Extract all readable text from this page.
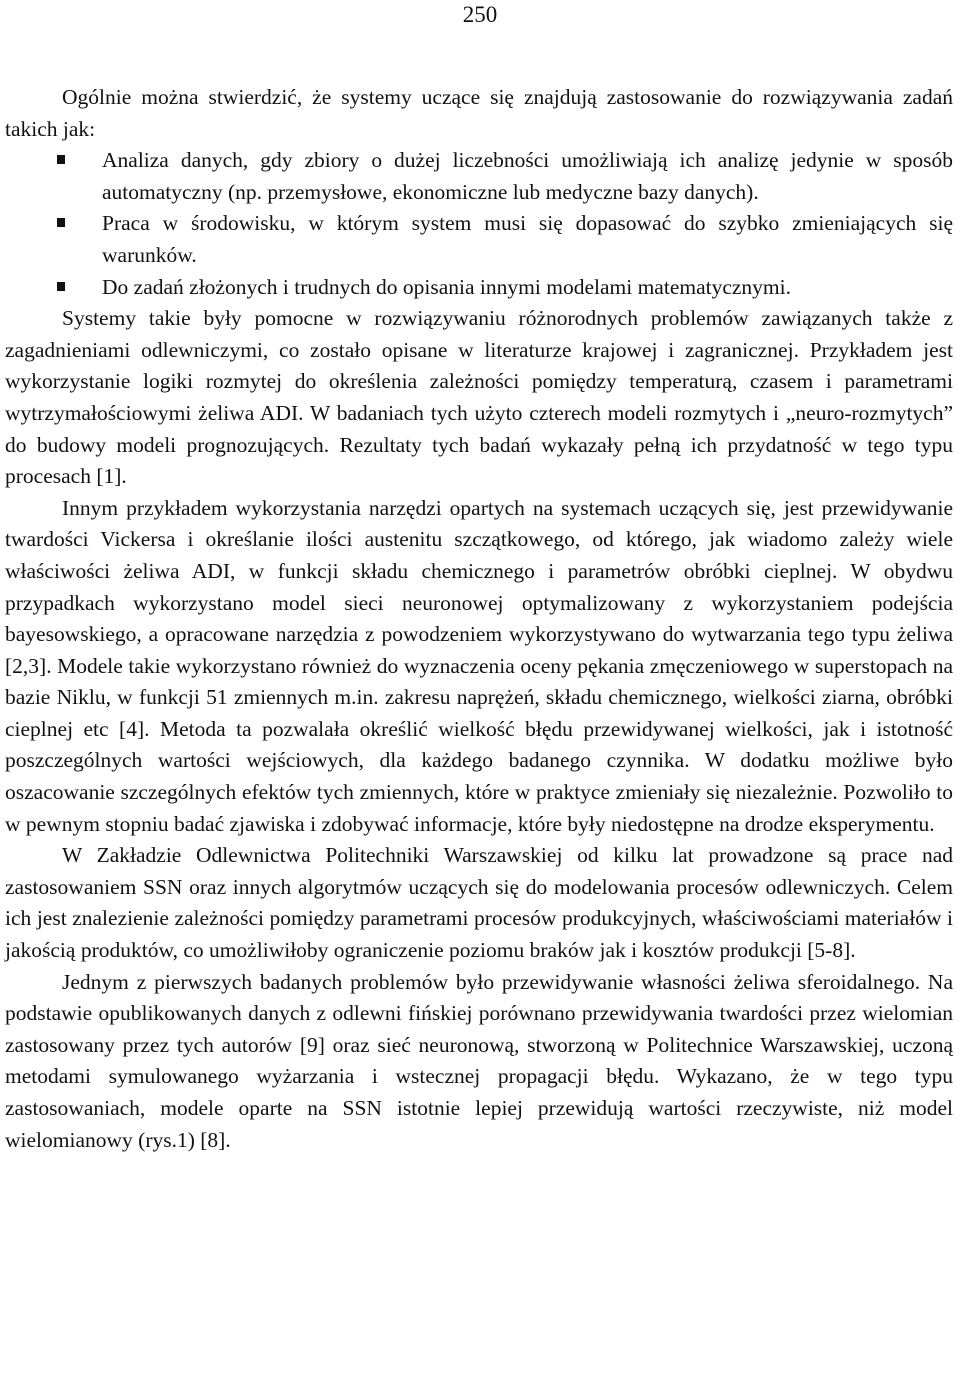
250

Ogólnie można stwierdzić, że systemy uczące się znajdują zastosowanie do rozwiązywania zadań takich jak:

Analiza danych, gdy zbiory o dużej liczebności umożliwiają ich analizę jedynie w sposób automatyczny (np. przemysłowe, ekonomiczne lub medyczne bazy danych).
Praca w środowisku, w którym system musi się dopasować do szybko zmieniających się warunków.
Do zadań złożonych i trudnych do opisania innymi modelami matematycznymi.

Systemy takie były pomocne w rozwiązywaniu różnorodnych problemów zawiązanych także z zagadnieniami odlewniczymi, co zostało opisane w literaturze krajowej i zagranicznej. Przykładem jest wykorzystanie logiki rozmytej do określenia zależności pomiędzy temperaturą, czasem i parametrami wytrzymałościowymi żeliwa ADI. W badaniach tych użyto czterech modeli rozmytych i „neuro-rozmytych” do budowy modeli prognozujących. Rezultaty tych badań wykazały pełną ich przydatność w tego typu procesach [1].

Innym przykładem wykorzystania narzędzi opartych na systemach uczących się, jest przewidywanie twardości Vickersa i określanie ilości austenitu szczątkowego, od którego, jak wiadomo zależy wiele właściwości żeliwa ADI, w funkcji składu chemicznego i parametrów obróbki cieplnej. W obydwu przypadkach wykorzystano model sieci neuronowej optymalizowany z wykorzystaniem podejścia bayesowskiego, a opracowane narzędzia z powodzeniem wykorzystywano do wytwarzania tego typu żeliwa [2,3]. Modele takie wykorzystano również do wyznaczenia oceny pękania zmęczeniowego w superstopach na bazie Niklu, w funkcji 51 zmiennych m.in. zakresu naprężeń, składu chemicznego, wielkości ziarna, obróbki cieplnej etc [4]. Metoda ta pozwalała określić wielkość błędu przewidywanej wielkości, jak i istotność poszczególnych wartości wejściowych, dla każdego badanego czynnika. W dodatku możliwe było oszacowanie szczególnych efektów tych zmiennych, które w praktyce zmieniały się niezależnie. Pozwoliło to w pewnym stopniu badać zjawiska i zdobywać informacje, które były niedostępne na drodze eksperymentu.

W Zakładzie Odlewnictwa Politechniki Warszawskiej od kilku lat prowadzone są prace nad zastosowaniem SSN oraz innych algorytmów uczących się do modelowania procesów odlewniczych. Celem ich jest znalezienie zależności pomiędzy parametrami procesów produkcyjnych, właściwościami materiałów i jakością produktów, co umożliwiłoby ograniczenie poziomu braków jak i kosztów produkcji [5-8].

Jednym z pierwszych badanych problemów było przewidywanie własności żeliwa sferoidalnego. Na podstawie opublikowanych danych z odlewni fińskiej porównano przewidywania twardości przez wielomian zastosowany przez tych autorów [9] oraz sieć neuronową, stworzoną w Politechnice Warszawskiej, uczoną metodami symulowanego wyżarzania i wstecznej propagacji błędu. Wykazano, że w tego typu zastosowaniach, modele oparte na SSN istotnie lepiej przewidują wartości rzeczywiste, niż model wielomianowy (rys.1) [8].
